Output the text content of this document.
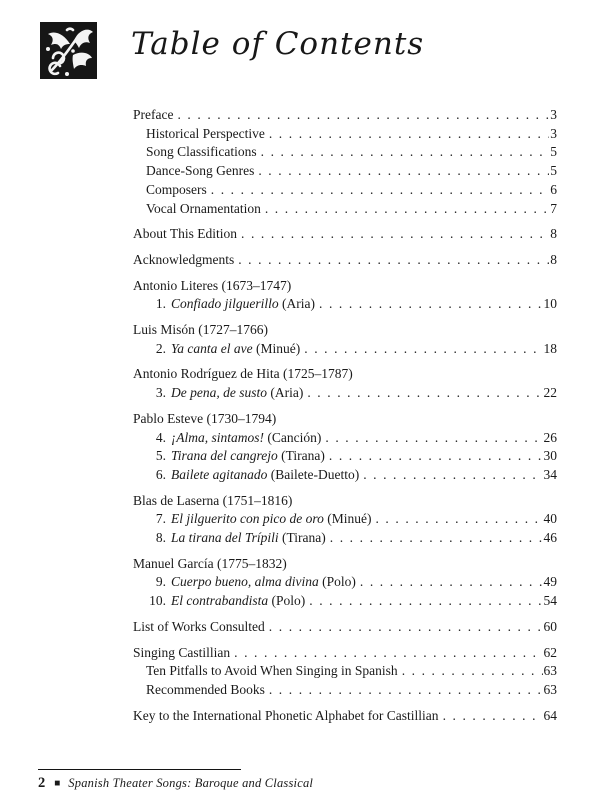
Table of Contents
Preface . . .	3
Historical Perspective . . .	3
Song Classifications . . .	5
Dance-Song Genres . . .	5
Composers . . .	6
Vocal Ornamentation . . .	7
About This Edition . . .	8
Acknowledgments . . .	8
Antonio Literes (1673–1747)
1. Confiado jilguerillo (Aria) . . .	10
Luis Misón (1727–1766)
2. Ya canta el ave (Minué) . . .	18
Antonio Rodríguez de Hita (1725–1787)
3. De pena, de susto (Aria) . . .	22
Pablo Esteve (1730–1794)
4. ¡Alma, sintamos! (Canción) . . .	26
5. Tirana del cangrejo (Tirana) . . .	30
6. Bailete agitanado (Bailete-Duetto) . . .	34
Blas de Laserna (1751–1816)
7. El jilguerito con pico de oro (Minué) . . .	40
8. La tirana del Trípili (Tirana) . . .	46
Manuel García (1775–1832)
9. Cuerpo bueno, alma divina (Polo) . . .	49
10. El contrabandista (Polo) . . .	54
List of Works Consulted . . .	60
Singing Castillian . . .	62
Ten Pitfalls to Avoid When Singing in Spanish . . .	63
Recommended Books . . .	63
Key to the International Phonetic Alphabet for Castillian . . .	64
2 ■ Spanish Theater Songs: Baroque and Classical
